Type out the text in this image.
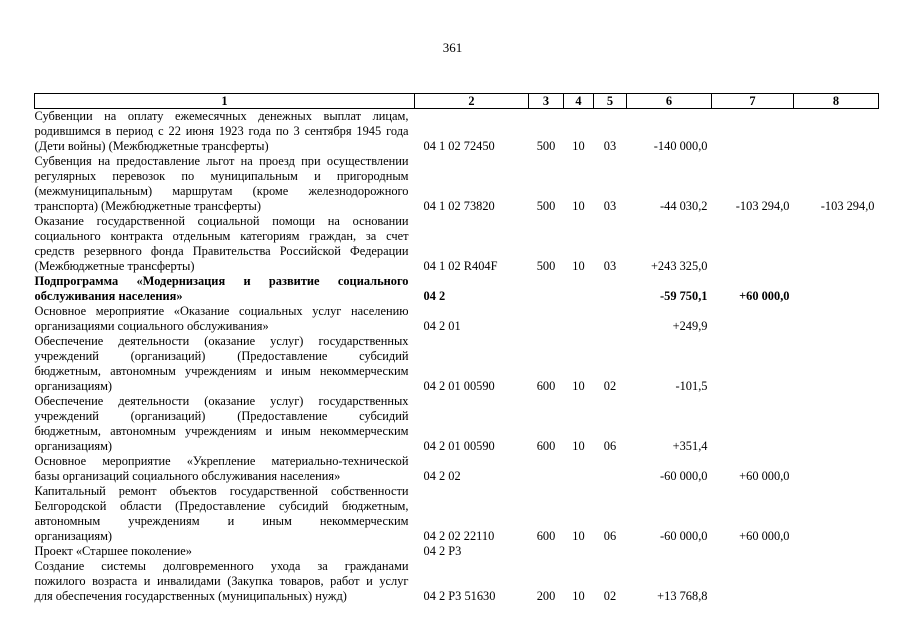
361
1	2	3	4	5	6	7	8

Субвенции на оплату ежемесячных денежных выплат лицам,
родившимся в период с 22 июня 1923 года по 3 сентября 1945 года
(Дети войны) (Межбюджетные трансферты)	04 1 02 72450	500	10	03	-140 000,0		

Субвенция на предоставление льгот на проезд при осуществлении
регулярных перевозок по муниципальным и пригородным
(межмуниципальным) маршрутам (кроме железнодорожного
транспорта) (Межбюджетные трансферты)	04 1 02 73820	500	10	03	-44 030,2	-103 294,0	-103 294,0

Оказание государственной социальной помощи на основании
социального контракта отдельным категориям граждан, за счет
средств резервного фонда Правительства Российской Федерации
(Межбюджетные трансферты)	04 1 02 R404F	500	10	03	+243 325,0		

Подпрограмма «Модернизация и развитие социального
обслуживания населения»	04 2				-59 750,1	+60 000,0	

Основное мероприятие «Оказание социальных услуг населению
организациями социального обслуживания»	04 2 01				+249,9		

Обеспечение деятельности (оказание услуг) государственных
учреждений (организаций) (Предоставление субсидий
бюджетным, автономным учреждениям и иным некоммерческим
организациям)	04 2 01 00590	600	10	02	-101,5		

Обеспечение деятельности (оказание услуг) государственных
учреждений (организаций) (Предоставление субсидий
бюджетным, автономным учреждениям и иным некоммерческим
организациям)	04 2 01 00590	600	10	06	+351,4		

Основное мероприятие «Укрепление материально-технической
базы организаций социального обслуживания населения»	04 2 02				-60 000,0	+60 000,0	

Капитальный ремонт объектов государственной собственности
Белгородской области (Предоставление субсидий бюджетным,
автономным учреждениям и иным некоммерческим
организациям)	04 2 02 22110	600	10	06	-60 000,0	+60 000,0	

Проект «Старшее поколение»	04 2 P3						

Создание системы долговременного ухода за гражданами
пожилого возраста и инвалидами (Закупка товаров, работ и услуг
для обеспечения государственных (муниципальных) нужд)	04 2 P3 51630	200	10	02	+13 768,8		
